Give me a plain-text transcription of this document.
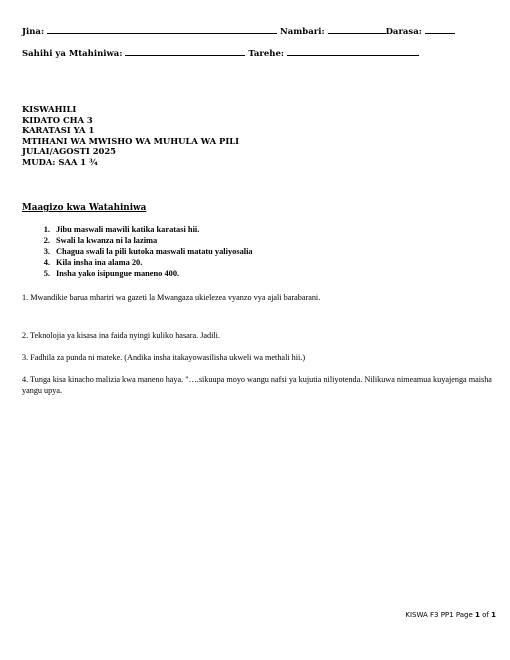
Jina:	Nambari:	Darasa:
Sahihi ya Mtahiniwa:	Tarehe:
KISWAHILI
KIDATO CHA 3
KARATASI YA 1
MTIHANI WA MWISHO WA MUHULA WA PILI
JULAI/AGOSTI 2025
MUDA: SAA 1 ¾
Maagizo kwa Watahiniwa
1. Jibu maswali mawili katika karatasi hii.
2. Swali la kwanza ni la lazima
3. Chagua swali la pili kutoka maswali matatu yaliyosalia
4. Kila insha ina alama 20.
5. Insha yako isipungue maneno 400.
1. Mwandikie barua mhariri wa gazeti la Mwangaza ukielezea vyanzo vya ajali barabarani.
2. Teknolojia ya kisasa ina faida nyingi kuliko hasara. Jadili.
3. Fadhila za punda ni mateke. (Andika insha itakayowasilisha ukweli wa methali hii.)
4. Tunga kisa kinacho malizia kwa maneno haya. "….sikuupa moyo wangu nafsi ya kujutia niliyotenda. Nilikuwa nimeamua kuyajenga maisha yangu upya.
KISWA F3 PP1 Page 1 of 1
